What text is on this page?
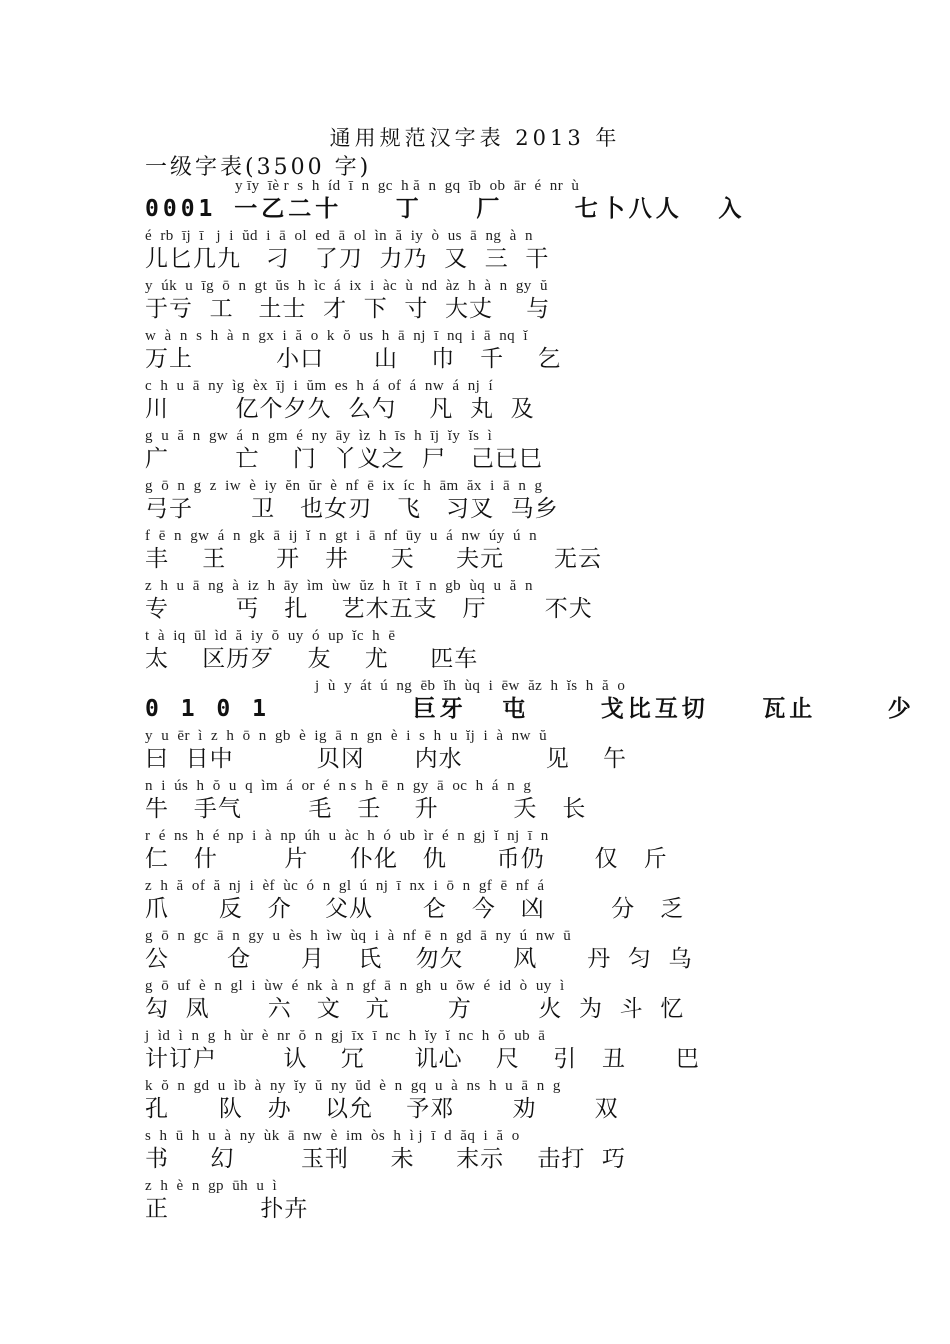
通用规范汉字表 2013 年
一级字表(3500 字)
y īy  īè r  s  h  íd  ī  n  gc  h ă  n  gq  īb  ob  ār  é  nr  ù
0001 一乙二十   丁   厂    七卜八人  入
é  rb  īj  ī   j  i  ŭd  i  ā  ol  ed  ā  ol  ìn  ă  iy  ò  us  ā  ng  à  n
儿匕几九   刁   了刀  力乃  又  三  干
y  úk  u  īg  ō  n  gt  ŭs  h  ìc  á  ix  i  àc  ù  nd  àz  h  à  n  gy  ŭ
于亏  工   土士  才  下  寸  大丈    与
w  à  n  s  h  à  n  gx  i  ă  o  k  ŏ  us  h  ā  nj  ī  nq  i  ā  nq  ĭ
万上          小口      山    巾   千    乞
c  h  u  ā  ny  ìg  èx  īj  i  ŭm  es  h  á  of  á  nw  á  nj  í
川        亿个夕久  么勺    凡  丸  及
g  u  ă  n  gw  á  n  gm  é  ny  āy  ìz  h  īs  h  īj  ĭy  ĭs  ì
广        亡    门  丫义之  尸   己已巳
g  ō  n  g  z  iw  è  iy  ĕn  ŭr  è  nf  ē  ix  íc  h  ām  ăx  i  ā  n  g
弓子       卫   也女刃   飞   习叉  马乡
f  ē  n  gw  á  n  gk  ā  ij  ĭ  n  gt  i  ā  nf  ūy  u  á  nw  úy  ú  n
丰    王      开   井     天     夫元      无云
z  h  u  ā  ng  à  iz  h  āy  ìm  ùw  ŭz  h  īt  ī  n  gb  ùq  u  ă  n
专        丐   扎    艺木五支   厅       不犬
t  à  iq  ūl  ìd  ă  iy  ŏ  uy  ó  up  ĭc  h  ē
太    区历歹    友    尤     匹车
j  ù  y  át  ú  ng  ēb  ĭh  ùq  i  ēw  ăz  h  ĭs  h  ă  o
0 1 0 1        巨牙  屯    戈比互切   瓦止    少
y  u  ēr  ì  z  h  ō  n  gb  è  ig  ā  n  gn  è  i  s  h  u  ĭj  i  à  nw  ŭ
曰  日中          贝冈      内水          见    午
n  i  ús  h  ŏ  u  q  ìm  á  or  é  n s  h  ē  n  gy  ā  oc  h  á  n  g
牛   手气        毛   壬    升         夭   长
r  é  ns  h  é  np  i  à  np  úh  u  àc  h  ó  ub  ìr  é  n  gj  ĭ  nj  ī  n
仁   什        片     仆化   仇      币仍      仅   斤
z  h  ă  of  ă  nj  i  èf  ùc  ó  n  gl  ú  nj  ī  nx  i  ō  n  gf  ē  nf  á
爪      反   介    父从      仑   今   凶        分   乏
g  ō  n  gc  ā  n  gy  u  ès  h  ìw  ùq  i  à  nf  ē  n  gd  ā  ny  ú  nw  ū
公       仓      月    氏    勿欠      风      丹  匀  乌
g  ō  uf  è  n  gl  i  ùw  é  nk  à  n  gf  ā  n  gh  u  ŏw  é  id  ò  uy  ì
勾  凤       六   文   亢       方        火  为  斗  忆
j  ìd  ì  n  g  h  ùr  è  nr  ŏ  n  gj  īx  ī  nc  h  ĭy  ĭ  nc  h  ŏ  ub  ā
计订户        认    冗      讥心    尺    引   丑      巴
k  ŏ  n  gd  u  ìb  à  ny  ĭy  ŭ  ny  ŭd  è  n  gq  u  à  ns  h  u  ā  n  g
孔      队   办    以允    予邓       劝       双
s  h  ū  h  u  à  ny  ùk  ā  nw  è  im  òs  h  ì j  ī  d  ăq  i  ă  o
书     幻        玉刊     未     末示    击打  巧
z  h  è  n  gp  ūh  u  ì
正           扑卉
